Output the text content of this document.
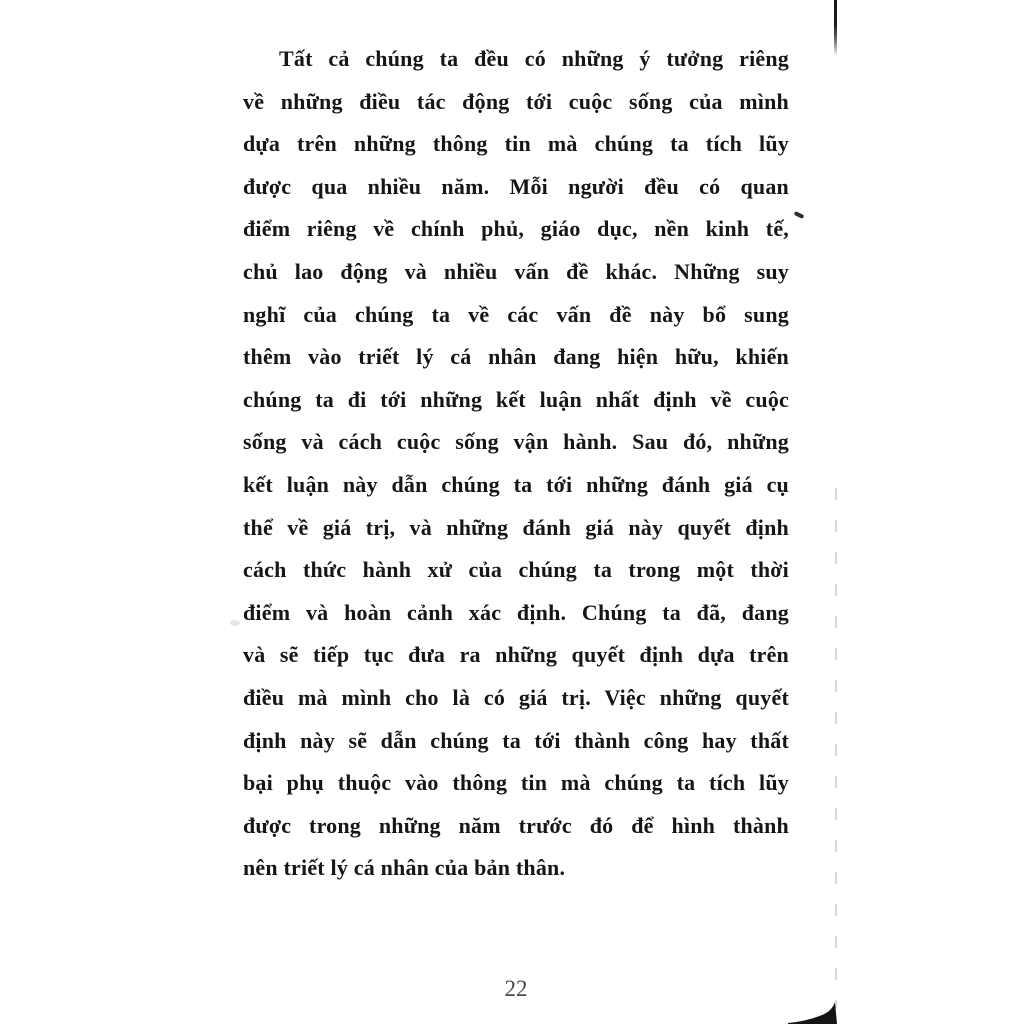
Tất cả chúng ta đều có những ý tưởng riêng
về những điều tác động tới cuộc sống của mình
dựa trên những thông tin mà chúng ta tích lũy
được qua nhiều năm. Mỗi người đều có quan
điểm riêng về chính phủ, giáo dục, nền kinh tế,
chủ lao động và nhiều vấn đề khác. Những suy
nghĩ của chúng ta về các vấn đề này bổ sung
thêm vào triết lý cá nhân đang hiện hữu, khiến
chúng ta đi tới những kết luận nhất định về cuộc
sống và cách cuộc sống vận hành. Sau đó, những
kết luận này dẫn chúng ta tới những đánh giá cụ
thể về giá trị, và những đánh giá này quyết định
cách thức hành xử của chúng ta trong một thời
điểm và hoàn cảnh xác định. Chúng ta đã, đang
và sẽ tiếp tục đưa ra những quyết định dựa trên
điều mà mình cho là có giá trị. Việc những quyết
định này sẽ dẫn chúng ta tới thành công hay thất
bại phụ thuộc vào thông tin mà chúng ta tích lũy
được trong những năm trước đó để hình thành
nên triết lý cá nhân của bản thân.
22
